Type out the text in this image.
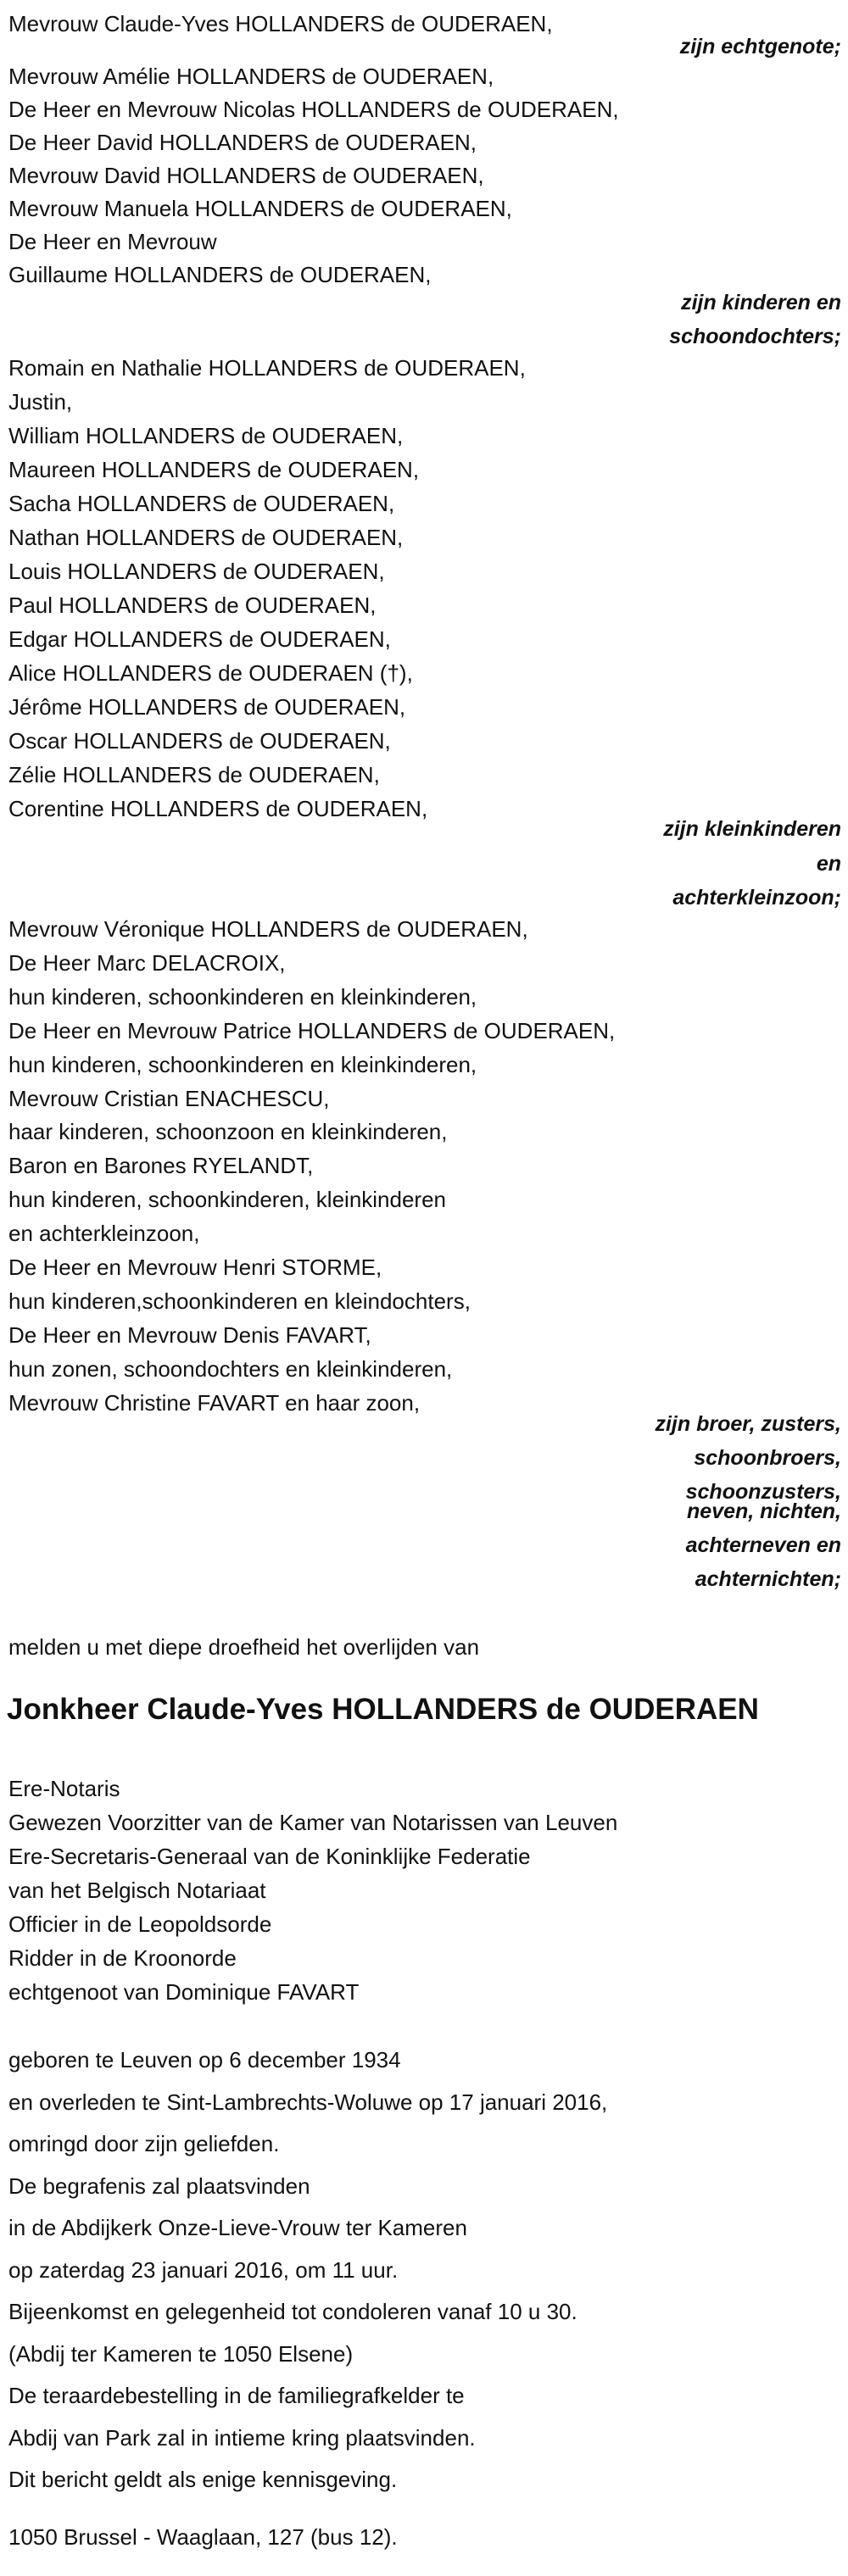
Mevrouw Claude-Yves HOLLANDERS de OUDERAEN,
zijn echtgenote;
Mevrouw Amélie HOLLANDERS de OUDERAEN,
De Heer en Mevrouw Nicolas HOLLANDERS de OUDERAEN,
De Heer David HOLLANDERS de OUDERAEN,
Mevrouw David HOLLANDERS de OUDERAEN,
Mevrouw Manuela HOLLANDERS de OUDERAEN,
De Heer en Mevrouw
Guillaume HOLLANDERS de OUDERAEN,
zijn kinderen en
schoondochters;
Romain en Nathalie HOLLANDERS de OUDERAEN,
Justin,
William HOLLANDERS de OUDERAEN,
Maureen HOLLANDERS de OUDERAEN,
Sacha HOLLANDERS de OUDERAEN,
Nathan HOLLANDERS de OUDERAEN,
Louis HOLLANDERS de OUDERAEN,
Paul HOLLANDERS de OUDERAEN,
Edgar HOLLANDERS de OUDERAEN,
Alice HOLLANDERS de OUDERAEN (†),
Jérôme HOLLANDERS de OUDERAEN,
Oscar HOLLANDERS de OUDERAEN,
Zélie HOLLANDERS de OUDERAEN,
Corentine HOLLANDERS de OUDERAEN,
zijn kleinkinderen
en
achterkleinzoon;
Mevrouw Véronique HOLLANDERS de OUDERAEN,
De Heer Marc DELACROIX,
hun kinderen, schoonkinderen en kleinkinderen,
De Heer en Mevrouw Patrice HOLLANDERS de OUDERAEN,
hun kinderen, schoonkinderen en kleinkinderen,
Mevrouw Cristian ENACHESCU,
haar kinderen, schoonzoon en kleinkinderen,
Baron en Barones RYELANDT,
hun kinderen, schoonkinderen, kleinkinderen
en achterkleinzoon,
De Heer en Mevrouw Henri STORME,
hun kinderen,schoonkinderen en kleindochters,
De Heer en Mevrouw Denis FAVART,
hun zonen, schoondochters en kleinkinderen,
Mevrouw Christine FAVART en haar zoon,
zijn broer, zusters,
schoonbroers,
schoonzusters,
neven, nichten,
achterneven en
achternichten;
melden u met diepe droefheid het overlijden van
Jonkheer Claude-Yves HOLLANDERS de OUDERAEN
Ere-Notaris
Gewezen Voorzitter van de Kamer van Notarissen van Leuven
Ere-Secretaris-Generaal van de Koninklijke Federatie
van het Belgisch Notariaat
Officier in de Leopoldsorde
Ridder in de Kroonorde
echtgenoot van Dominique FAVART
geboren te Leuven op 6 december 1934
en overleden te Sint-Lambrechts-Woluwe op 17 januari 2016,
omringd door zijn geliefden.
De begrafenis zal plaatsvinden
in de Abdijkerk Onze-Lieve-Vrouw ter Kameren
op zaterdag 23 januari 2016, om 11 uur.
Bijeenkomst en gelegenheid tot condoleren vanaf 10 u 30.
(Abdij ter Kameren te 1050 Elsene)
De teraardebestelling in de familiegrafkelder te
Abdij van Park zal in intieme kring plaatsvinden.
Dit bericht geldt als enige kennisgeving.
1050 Brussel - Waaglaan, 127 (bus 12).
